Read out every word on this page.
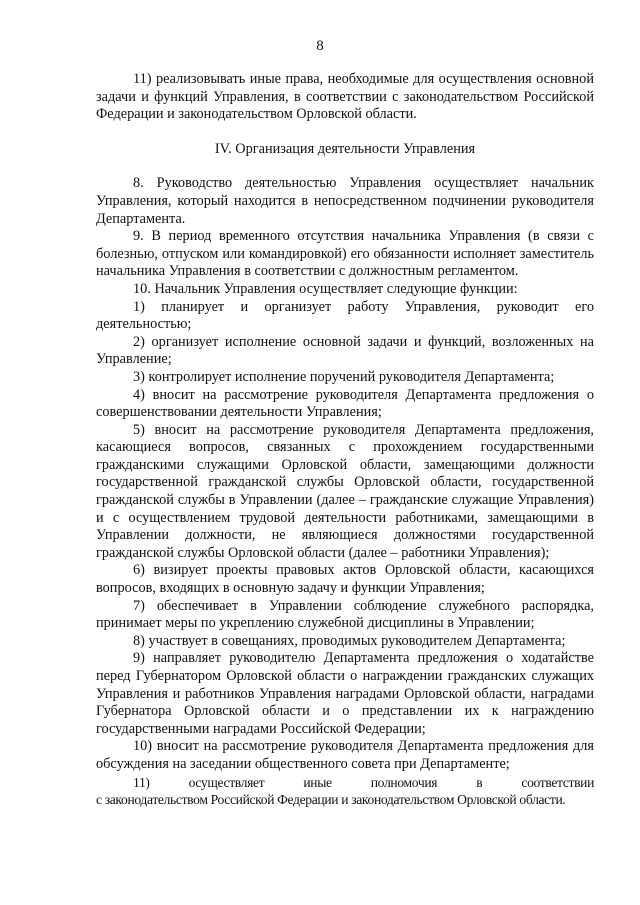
8

11) реализовывать иные права, необходимые для осуществления основной задачи и функций Управления, в соответствии с законодательством Российской Федерации и законодательством Орловской области.

IV. Организация деятельности Управления

8. Руководство деятельностью Управления осуществляет начальник Управления, который находится в непосредственном подчинении руководителя Департамента.

9. В период временного отсутствия начальника Управления (в связи с болезнью, отпуском или командировкой) его обязанности исполняет заместитель начальника Управления в соответствии с должностным регламентом.

10. Начальник Управления осуществляет следующие функции:

1) планирует и организует работу Управления, руководит его деятельностью;

2) организует исполнение основной задачи и функций, возложенных на Управление;

3) контролирует исполнение поручений руководителя Департамента;

4) вносит на рассмотрение руководителя Департамента предложения о совершенствовании деятельности Управления;

5) вносит на рассмотрение руководителя Департамента предложения, касающиеся вопросов, связанных с прохождением государственными гражданскими служащими Орловской области, замещающими должности государственной гражданской службы Орловской области, государственной гражданской службы в Управлении (далее – гражданские служащие Управления) и с осуществлением трудовой деятельности работниками, замещающими в Управлении должности, не являющиеся должностями государственной гражданской службы Орловской области (далее – работники Управления);

6) визирует проекты правовых актов Орловской области, касающихся вопросов, входящих в основную задачу и функции Управления;

7) обеспечивает в Управлении соблюдение служебного распорядка, принимает меры по укреплению служебной дисциплины в Управлении;

8) участвует в совещаниях, проводимых руководителем Департамента;

9) направляет руководителю Департамента предложения о ходатайстве перед Губернатором Орловской области о награждении гражданских служащих Управления и работников Управления наградами Орловской области, наградами Губернатора Орловской области и о представлении их к награждению государственными наградами Российской Федерации;

10) вносит на рассмотрение руководителя Департамента предложения для обсуждения на заседании общественного совета при Департаменте;

11) осуществляет иные полномочия в соответствии

с законодательством Российской Федерации и законодательством Орловской области.
